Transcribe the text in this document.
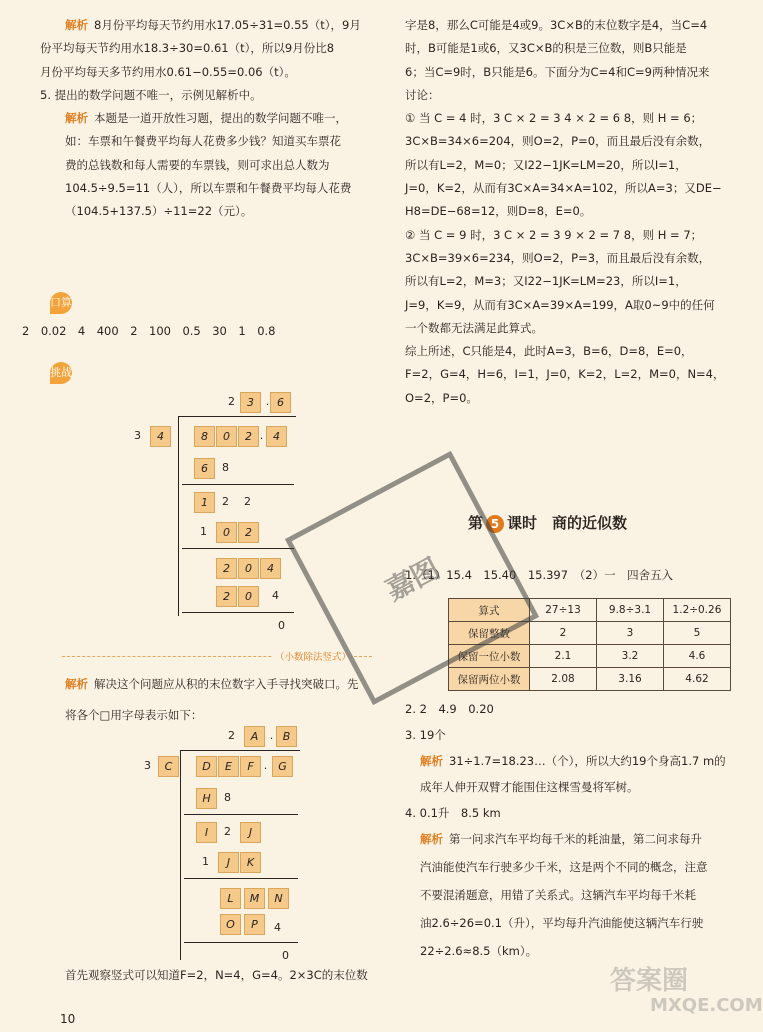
解析 8月份平均每天节约用水17.05÷31=0.55（t），9月
份平均每天节约用水18.3÷30=0.61（t），所以9月份比8
月份平均每天多节约用水0.61−0.55=0.06（t）。
5. 提出的数学问题不唯一，示例见解析中。
解析 本题是一道开放性习题，提出的数学问题不唯一，
如：车票和午餐费平均每人花费多少钱？知道买车票花
费的总钱数和每人需要的车票钱，则可求出总人数为
104.5÷9.5=11（人），所以车票和午餐费平均每人花费
（104.5+137.5）÷11=22（元）。
口算
2　0.02　4　400　2　100　0.5　30　1　0.8
挑战
2	3	. 6
3	4	8	0	2 . 4
6	8
1	2	2
1	0	2
2	0	4
2	0	4
0
（小数除法竖式）
解析 解决这个问题应从积的末位数字入手寻找突破口。先
将各个□用字母表示如下：
2	A	. B
3	C	D	E	F . G
H	8
I	2	J
1	J	K
L	M	N
O	P	4
0
首先观察竖式可以知道F=2，N=4，G=4。2×3C的末位数
字是8，那么C可能是4或9。3C×B的末位数字是4，当C=4
时，B可能是1或6，又3C×B的积是三位数，则B只能是
6；当C=9时，B只能是6。下面分为C=4和C=9两种情况来
讨论：
① 当 C = 4 时，3 C × 2 = 3 4 × 2 = 6 8，则 H = 6；
3C×B=34×6=204，则O=2，P=0，而且最后没有余数，
所以有L=2，M=0；又I22−1JK=LM=20，所以I=1，
J=0，K=2，从而有3C×A=34×A=102，所以A=3；又DE−
H8=DE−68=12，则D=8，E=0。
② 当 C = 9 时，3 C × 2 = 3 9 × 2 = 7 8，则 H = 7；
3C×B=39×6=234，则O=2，P=3，而且最后没有余数，
所以有L=2，M=3；又I22−1JK=LM=23，所以I=1，
J=9，K=9，从而有3C×A=39×A=199，A取0~9中的任何
一个数都无法满足此算式。
综上所述，C只能是4，此时A=3，B=6，D=8，E=0，
F=2，G=4，H=6，I=1，J=0，K=2，L=2，M=0，N=4，
O=2，P=0。
第 5 课时　商的近似数
1.（1）15.4　15.40　15.397　（2）一　四舍五入
算式	27÷13	9.8÷3.1	1.2÷0.26
保留整数	2	3	5
保留一位小数	2.1	3.2	4.6
保留两位小数	2.08	3.16	4.62
2. 2　4.9　0.20
3. 19个
解析 31÷1.7=18.23…（个），所以大约19个身高1.7 m的
成年人伸开双臂才能围住这棵雪曼将军树。
4. 0.1升　8.5 km
解析 第一问求汽车平均每千米的耗油量，第二问求每升
汽油能使汽车行驶多少千米，这是两个不同的概念，注意
不要混淆题意，用错了关系式。这辆汽车平均每千米耗
油2.6÷26=0.1（升），平均每升汽油能使这辆汽车行驶
22÷2.6≈8.5（km）。
嘉图
10
答案圈
MXQE.COM
